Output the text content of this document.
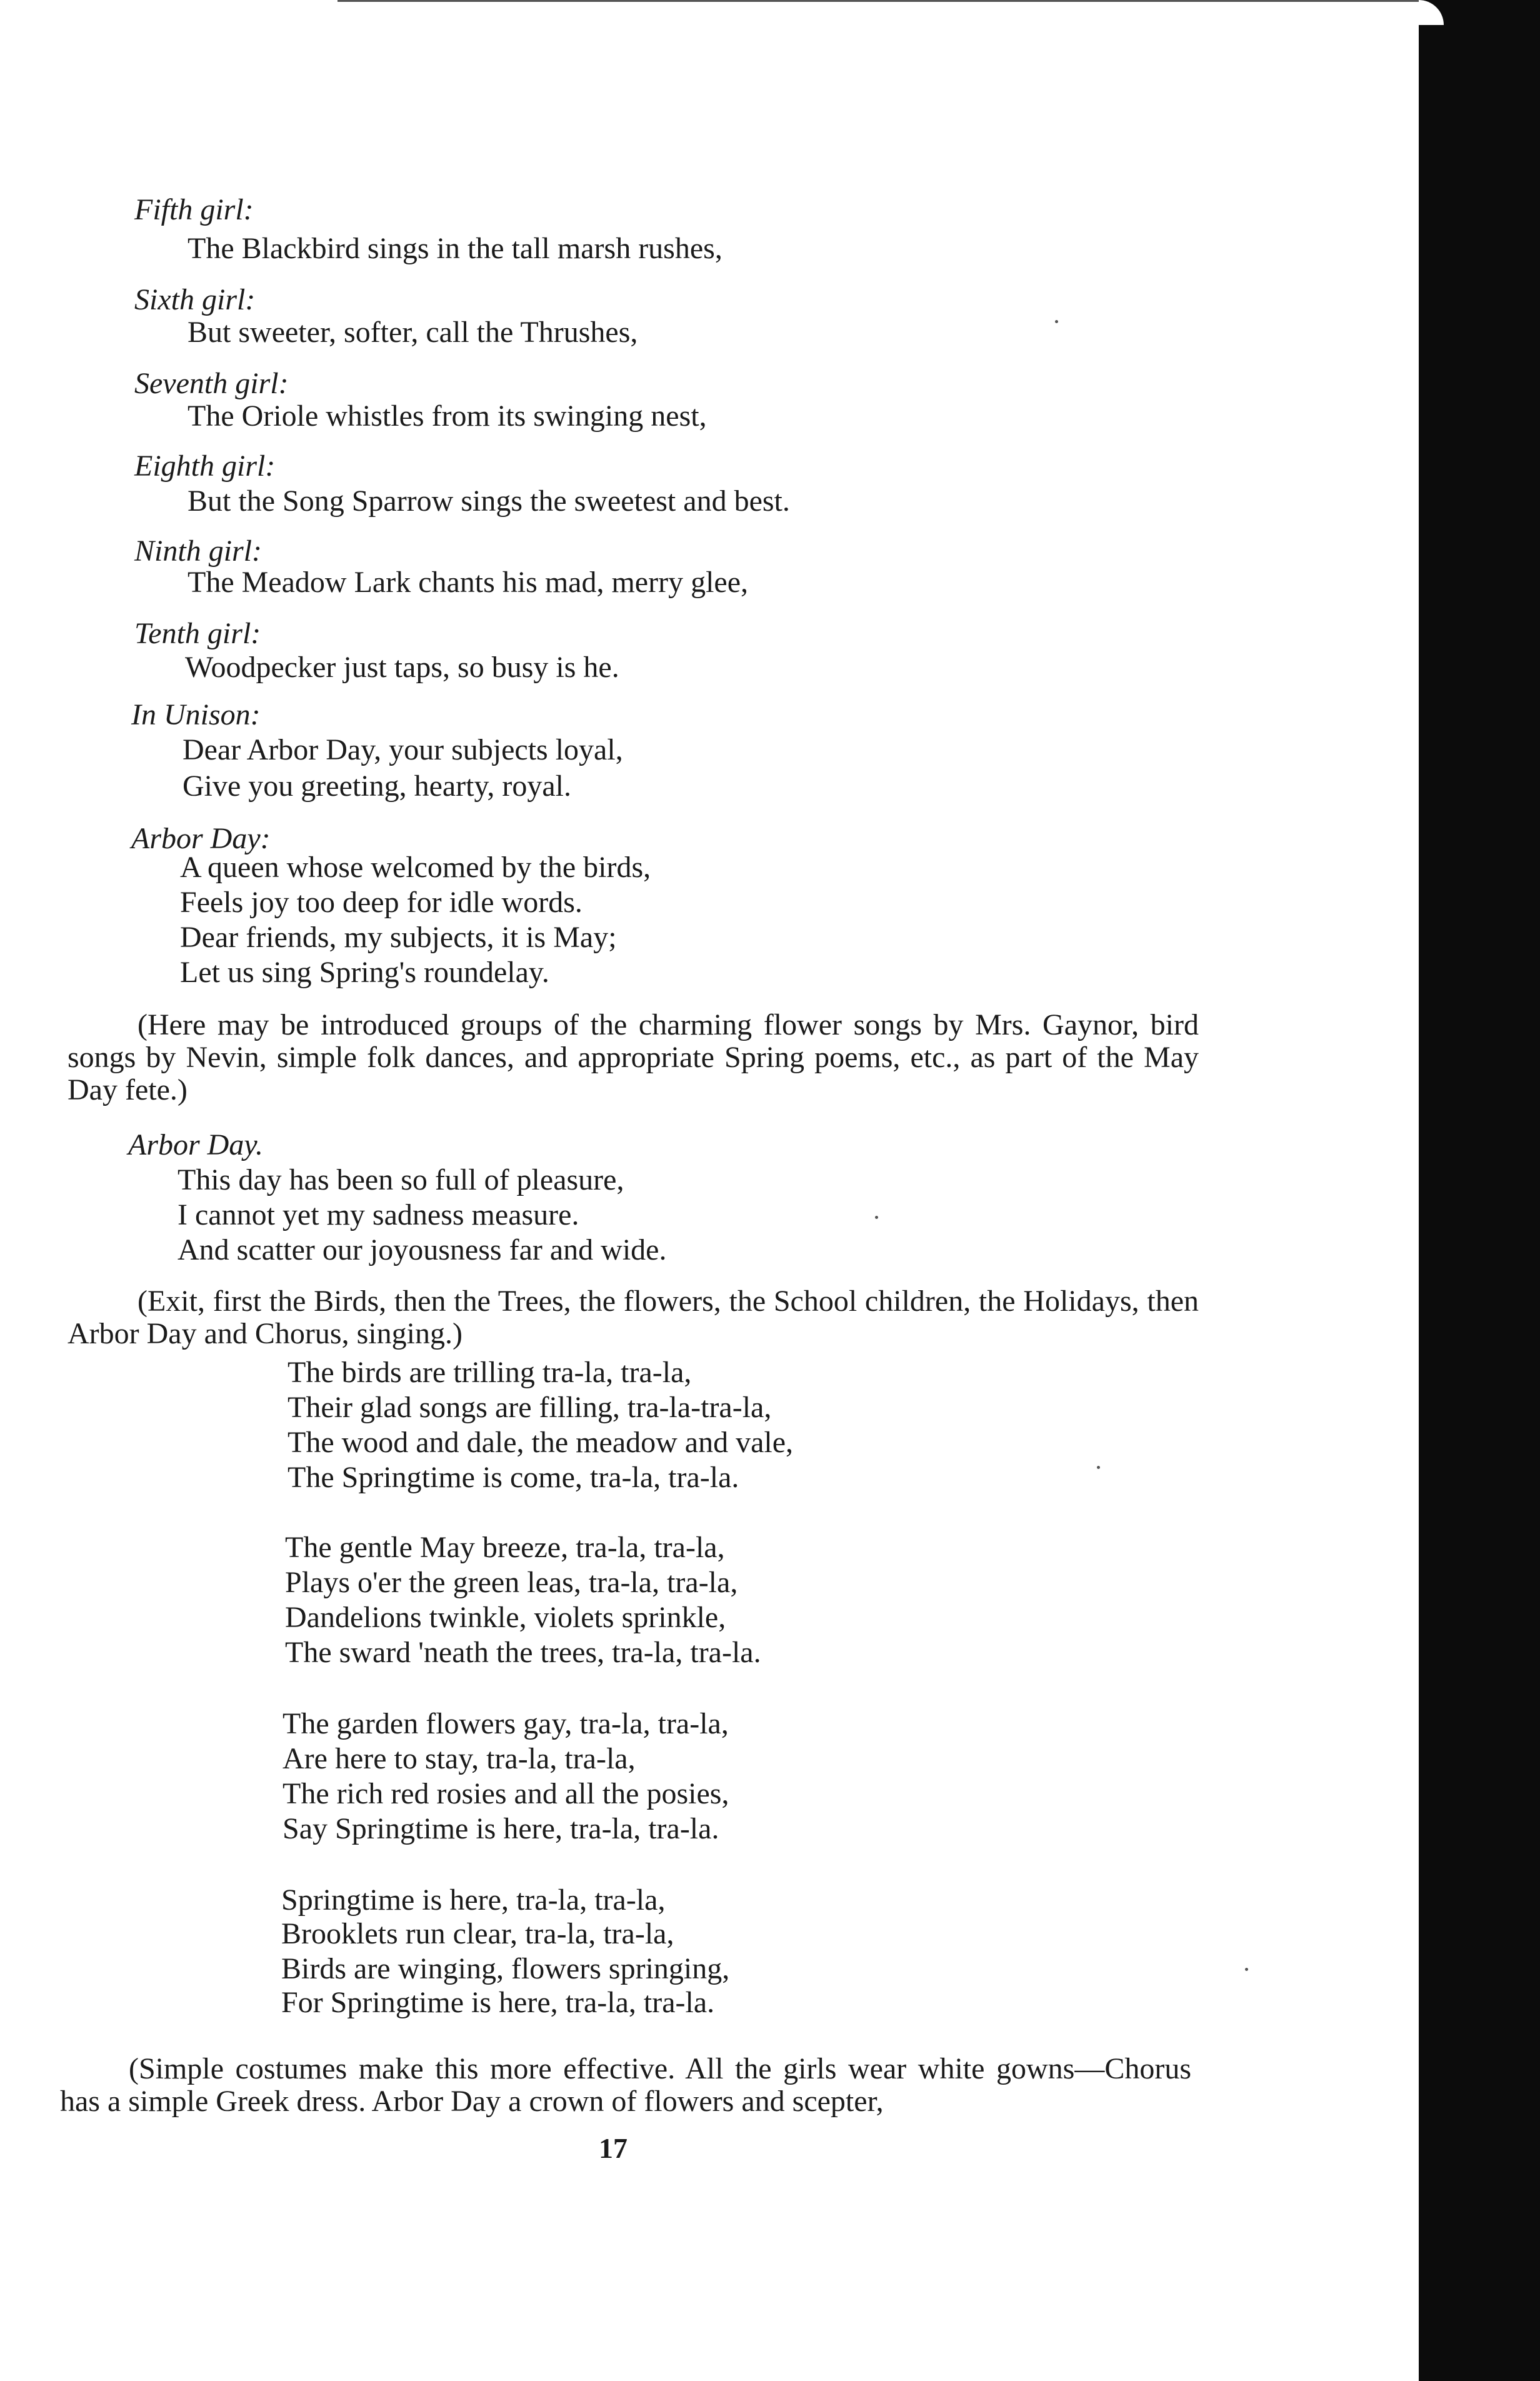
Fifth girl:
The Blackbird sings in the tall marsh rushes,
Sixth girl:
But sweeter, softer, call the Thrushes,
Seventh girl:
The Oriole whistles from its swinging nest,
Eighth girl:
But the Song Sparrow sings the sweetest and best.
Ninth girl:
The Meadow Lark chants his mad, merry glee,
Tenth girl:
Woodpecker just taps, so busy is he.
In Unison:
Dear Arbor Day, your subjects loyal,
Give you greeting, hearty, royal.
Arbor Day:
A queen whose welcomed by the birds,
Feels joy too deep for idle words.
Dear friends, my subjects, it is May;
Let us sing Spring's roundelay.
(Here may be introduced groups of the charming flower songs by Mrs. Gaynor, bird songs by Nevin, simple folk dances, and appropriate Spring poems, etc., as part of the May Day fete.)
Arbor Day.
This day has been so full of pleasure,
I cannot yet my sadness measure.
And scatter our joyousness far and wide.
(Exit, first the Birds, then the Trees, the flowers, the School children, the Holidays, then Arbor Day and Chorus, singing.)
The birds are trilling tra-la, tra-la,
Their glad songs are filling, tra-la-tra-la,
The wood and dale, the meadow and vale,
The Springtime is come, tra-la, tra-la.
The gentle May breeze, tra-la, tra-la,
Plays o'er the green leas, tra-la, tra-la,
Dandelions twinkle, violets sprinkle,
The sward 'neath the trees, tra-la, tra-la.
The garden flowers gay, tra-la, tra-la,
Are here to stay, tra-la, tra-la,
The rich red rosies and all the posies,
Say Springtime is here, tra-la, tra-la.
Springtime is here, tra-la, tra-la,
Brooklets run clear, tra-la, tra-la,
Birds are winging, flowers springing,
For Springtime is here, tra-la, tra-la.
(Simple costumes make this more effective. All the girls wear white gowns—Chorus has a simple Greek dress. Arbor Day a crown of flowers and scepter,
17
